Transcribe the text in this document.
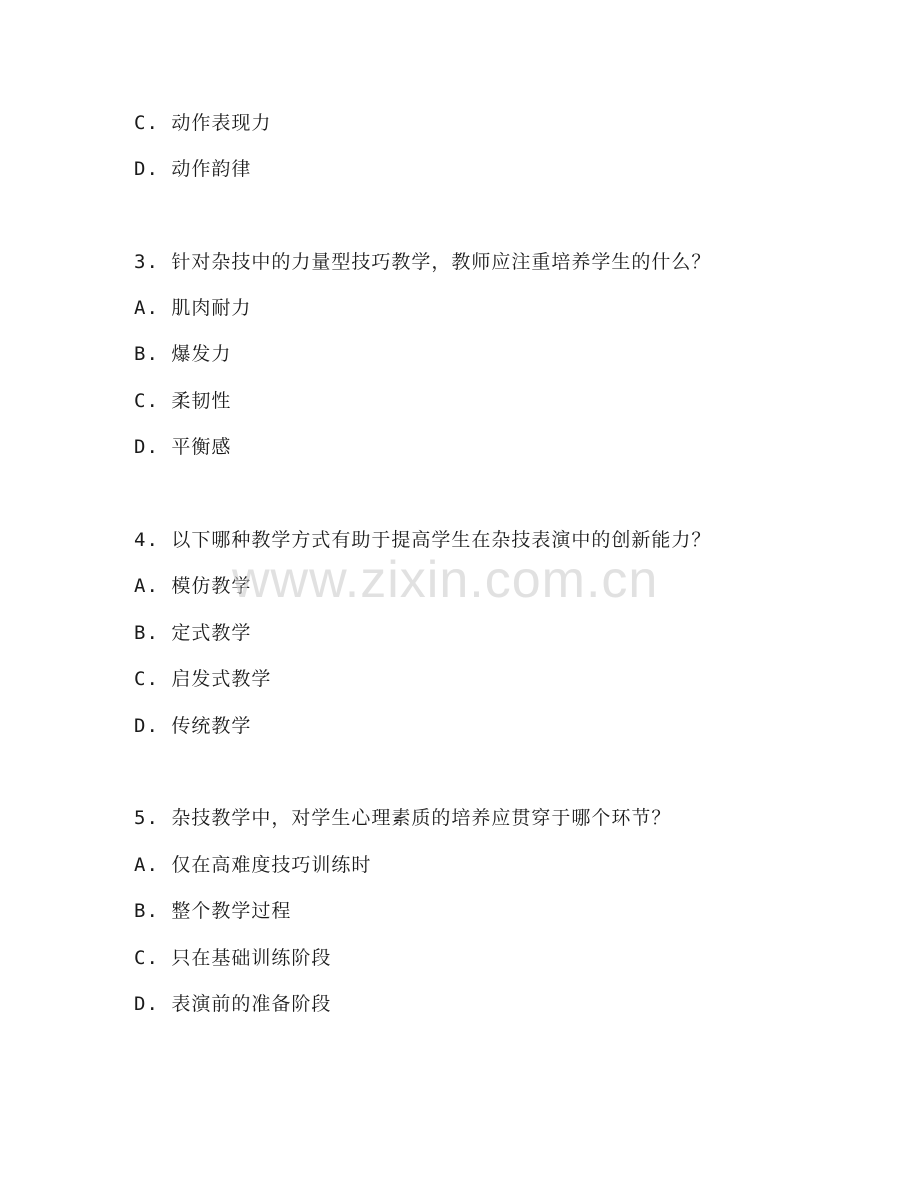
C. 动作表现力
D. 动作韵律
3. 针对杂技中的力量型技巧教学，教师应注重培养学生的什么？
A. 肌肉耐力
B. 爆发力
C. 柔韧性
D. 平衡感
4. 以下哪种教学方式有助于提高学生在杂技表演中的创新能力？
A. 模仿教学
B. 定式教学
C. 启发式教学
D. 传统教学
5. 杂技教学中，对学生心理素质的培养应贯穿于哪个环节？
A. 仅在高难度技巧训练时
B. 整个教学过程
C. 只在基础训练阶段
D. 表演前的准备阶段
www.zixin.com.cn
